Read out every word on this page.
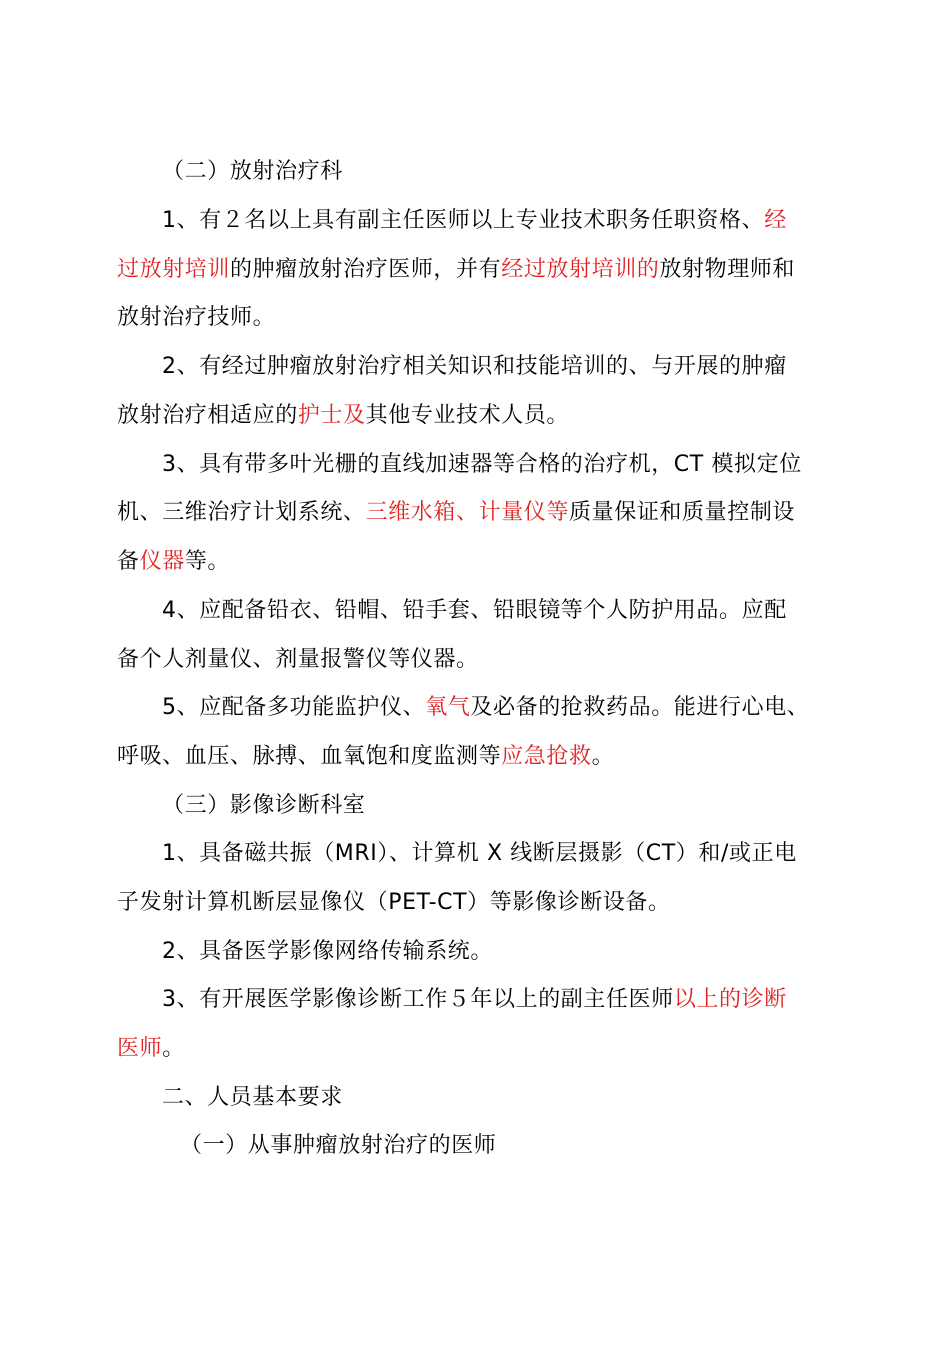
（二）放射治疗科
1、有２名以上具有副主任医师以上专业技术职务任职资格、经
过放射培训的肿瘤放射治疗医师，并有经过放射培训的放射物理师和
放射治疗技师。
2、有经过肿瘤放射治疗相关知识和技能培训的、与开展的肿瘤
放射治疗相适应的护士及其他专业技术人员。
3、具有带多叶光栅的直线加速器等合格的治疗机，CT 模拟定位
机、三维治疗计划系统、三维水箱、计量仪等质量保证和质量控制设
备仪器等。
4、应配备铅衣、铅帽、铅手套、铅眼镜等个人防护用品。应配
备个人剂量仪、剂量报警仪等仪器。
5、应配备多功能监护仪、氧气及必备的抢救药品。能进行心电、
呼吸、血压、脉搏、血氧饱和度监测等应急抢救。
（三）影像诊断科室
1、具备磁共振（MRI）、计算机 X 线断层摄影（CT）和/或正电
子发射计算机断层显像仪（PET-CT）等影像诊断设备。
2、具备医学影像网络传输系统。
3、有开展医学影像诊断工作５年以上的副主任医师以上的诊断
医师。
二、人员基本要求
（一）从事肿瘤放射治疗的医师
